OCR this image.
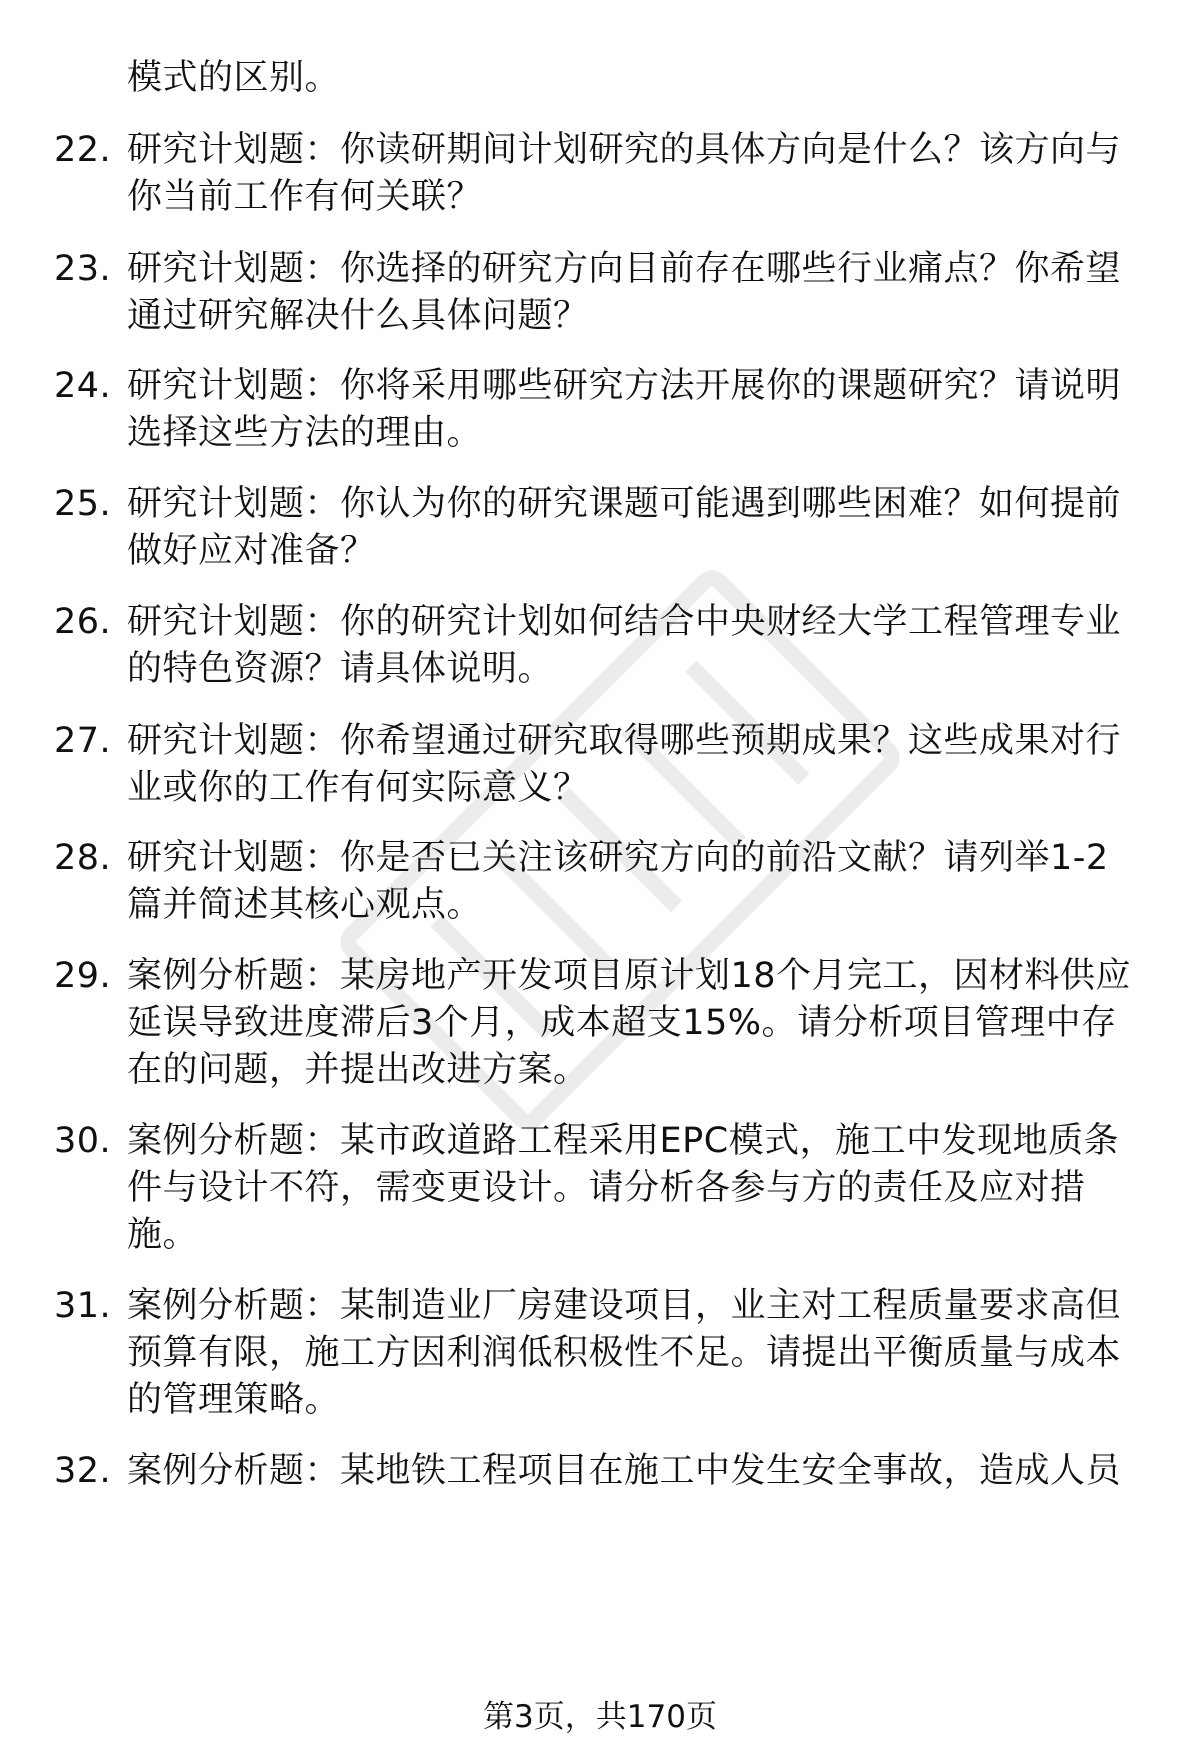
模式的区别。
22. 研究计划题：你读研期间计划研究的具体方向是什么？该方向与你当前工作有何关联？
23. 研究计划题：你选择的研究方向目前存在哪些行业痛点？你希望通过研究解决什么具体问题？
24. 研究计划题：你将采用哪些研究方法开展你的课题研究？请说明选择这些方法的理由。
25. 研究计划题：你认为你的研究课题可能遇到哪些困难？如何提前做好应对准备？
26. 研究计划题：你的研究计划如何结合中央财经大学工程管理专业的特色资源？请具体说明。
27. 研究计划题：你希望通过研究取得哪些预期成果？这些成果对行业或你的工作有何实际意义？
28. 研究计划题：你是否已关注该研究方向的前沿文献？请列举1-2篇并简述其核心观点。
29. 案例分析题：某房地产开发项目原计划18个月完工，因材料供应延误导致进度滞后3个月，成本超支15%。请分析项目管理中存在的问题，并提出改进方案。
30. 案例分析题：某市政道路工程采用EPC模式，施工中发现地质条件与设计不符，需变更设计。请分析各参与方的责任及应对措施。
31. 案例分析题：某制造业厂房建设项目，业主对工程质量要求高但预算有限，施工方因利润低积极性不足。请提出平衡质量与成本的管理策略。
32. 案例分析题：某地铁工程项目在施工中发生安全事故，造成人员
第3页，共170页
